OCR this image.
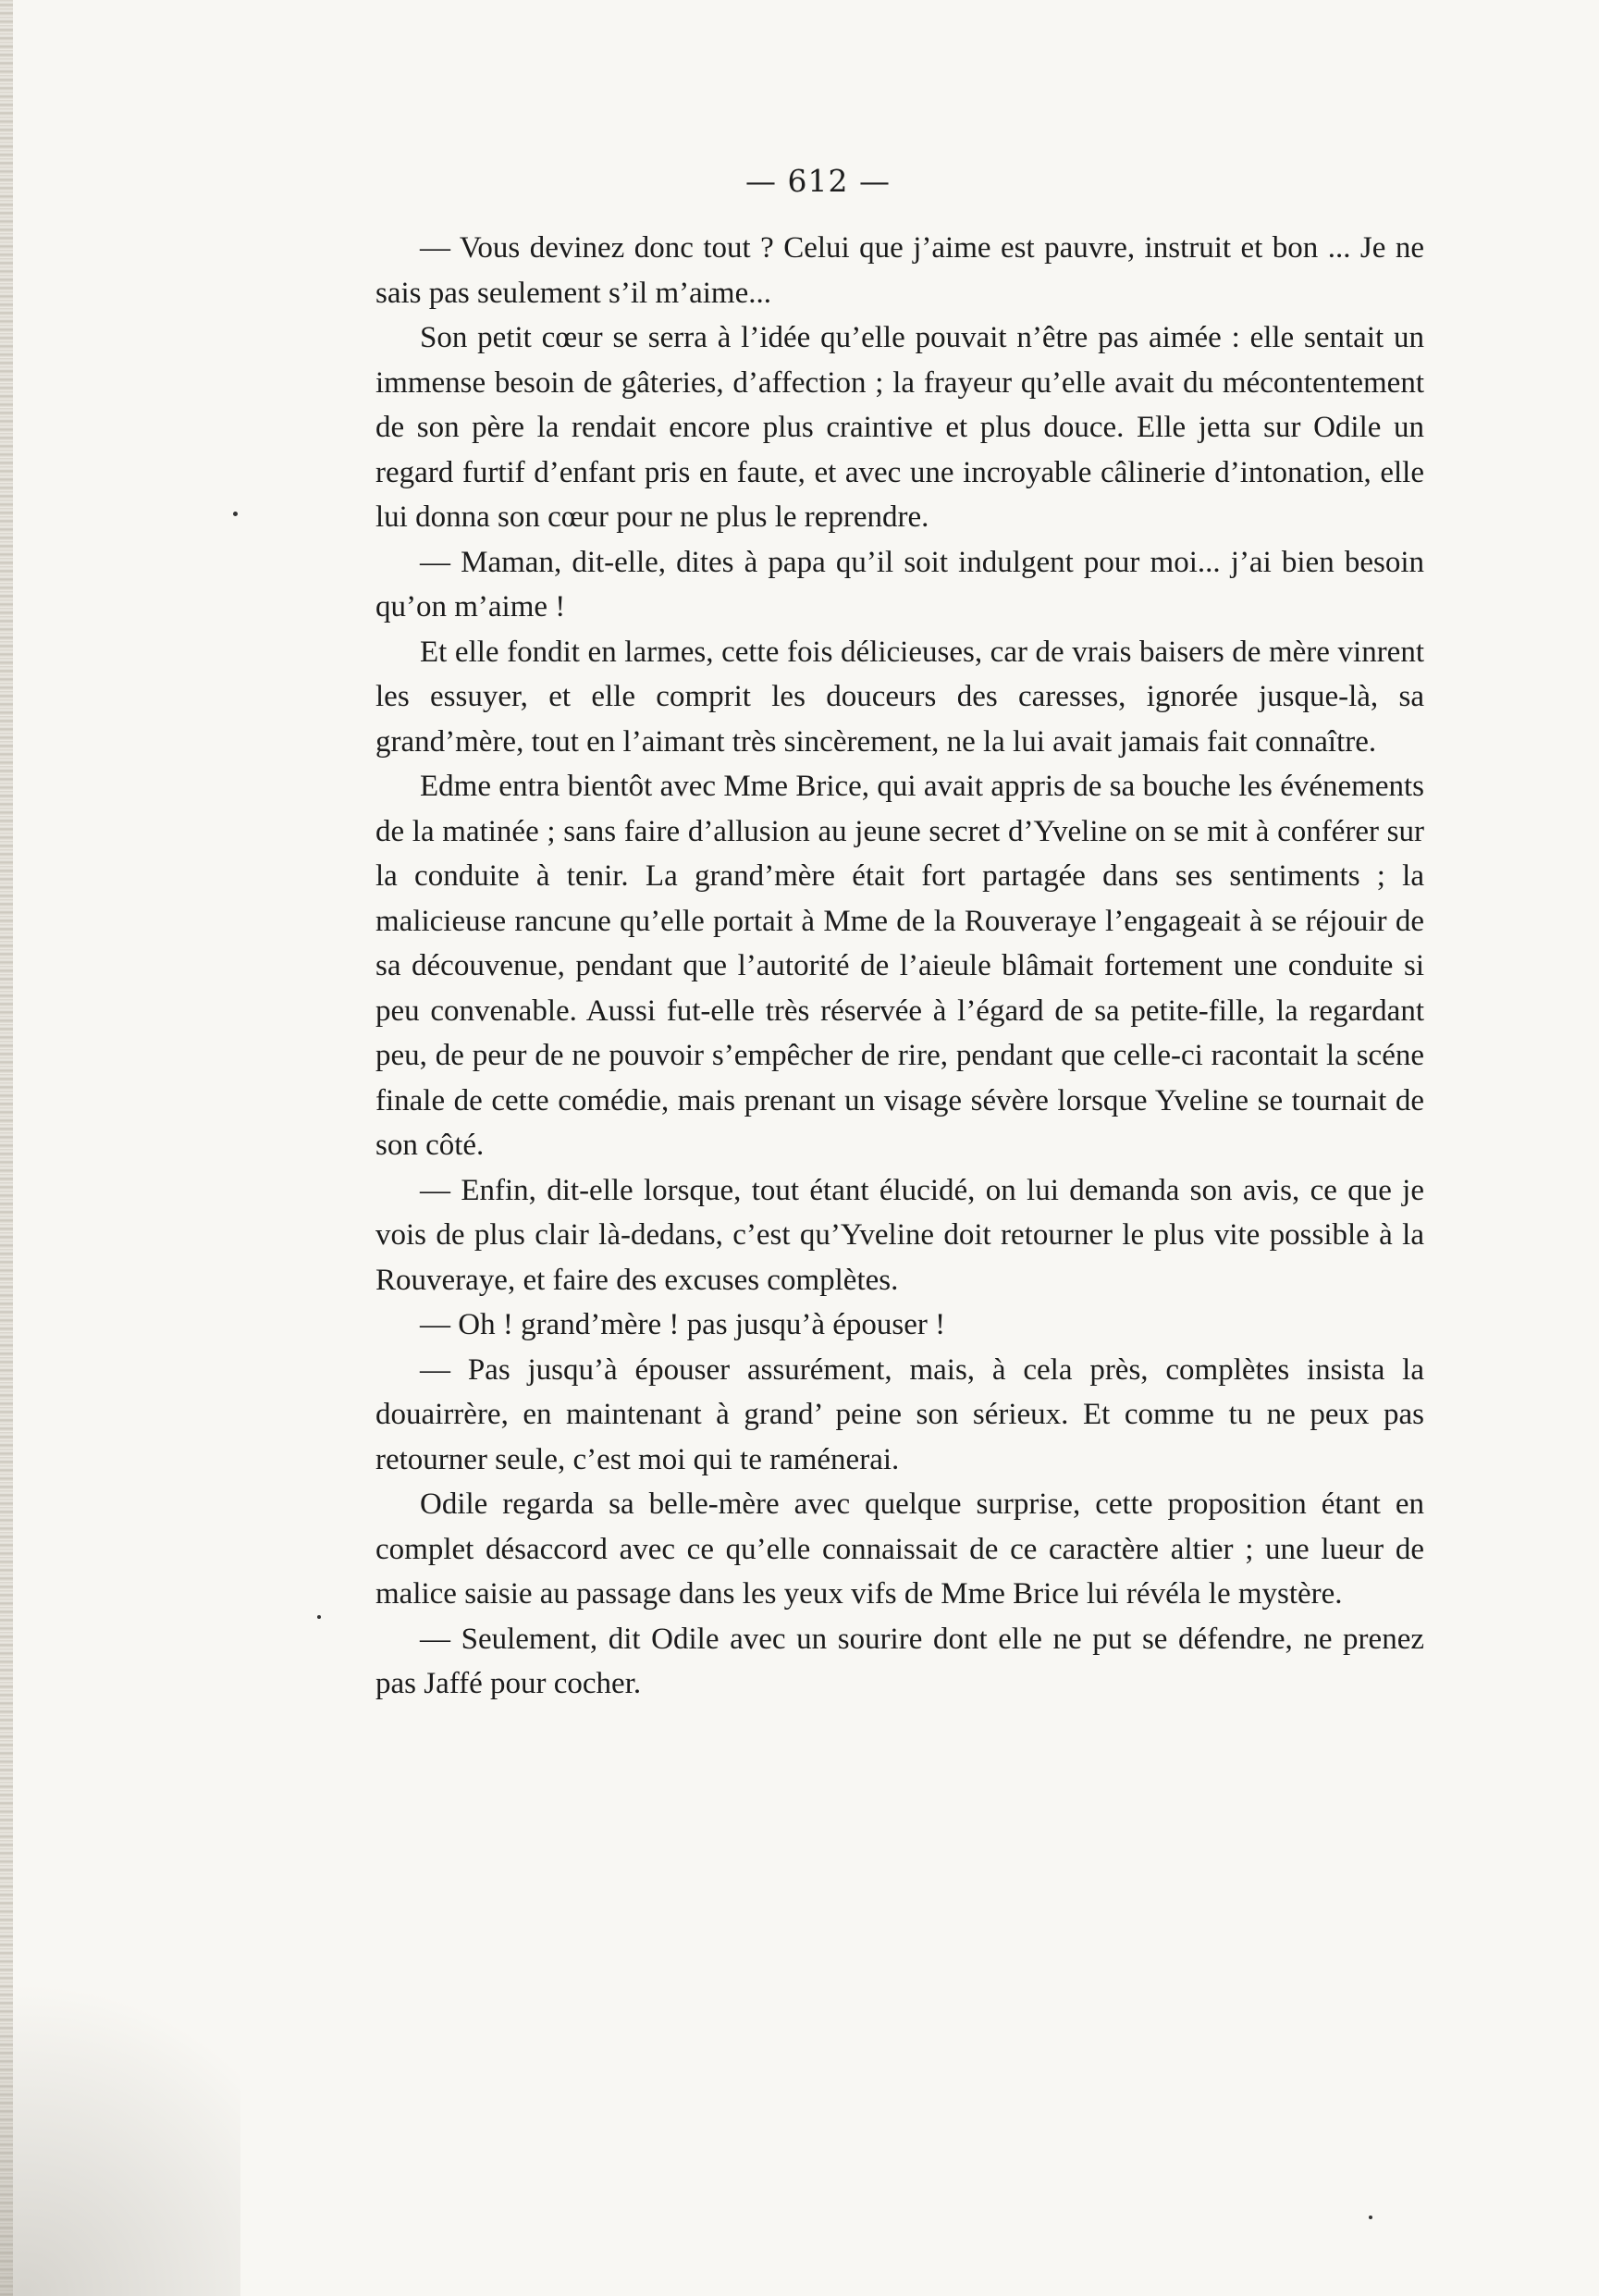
— 612 —

— Vous devinez donc tout ? Celui que j’aime est pauvre, instruit et bon ... Je ne sais pas seulement s’il m’aime...

Son petit cœur se serra à l’idée qu’elle pouvait n’être pas aimée : elle sentait un immense besoin de gâteries, d’affection ; la frayeur qu’elle avait du mécontentement de son père la rendait encore plus craintive et plus douce. Elle jetta sur Odile un regard furtif d’enfant pris en faute, et avec une incroyable câlinerie d’intonation, elle lui donna son cœur pour ne plus le reprendre.

— Maman, dit-elle, dites à papa qu’il soit indulgent pour moi... j’ai bien besoin qu’on m’aime !

Et elle fondit en larmes, cette fois délicieuses, car de vrais baisers de mère vinrent les essuyer, et elle comprit les douceurs des caresses, ignorée jusque-là, sa grand’mère, tout en l’aimant très sincèrement, ne la lui avait jamais fait connaître.

Edme entra bientôt avec Mme Brice, qui avait appris de sa bouche les événements de la matinée ; sans faire d’allusion au jeune secret d’Yveline on se mit à conférer sur la conduite à tenir. La grand’mère était fort partagée dans ses sentiments ; la malicieuse rancune qu’elle portait à Mme de la Rouveraye l’engageait à se réjouir de sa découvenue, pendant que l’autorité de l’aieule blâmait fortement une conduite si peu convenable. Aussi fut-elle très réservée à l’égard de sa petite-fille, la regardant peu, de peur de ne pouvoir s’empêcher de rire, pendant que celle-ci racontait la scéne finale de cette comédie, mais prenant un visage sévère lorsque Yveline se tournait de son côté.

— Enfin, dit-elle lorsque, tout étant élucidé, on lui demanda son avis, ce que je vois de plus clair là-dedans, c’est qu’Yveline doit retourner le plus vite possible à la Rouveraye, et faire des excuses complètes.

— Oh ! grand’mère ! pas jusqu’à épouser !

— Pas jusqu’à épouser assurément, mais, à cela près, complètes insista la douairrère, en maintenant à grand’ peine son sérieux. Et comme tu ne peux pas retourner seule, c’est moi qui te raménerai.

Odile regarda sa belle-mère avec quelque surprise, cette proposition étant en complet désaccord avec ce qu’elle connaissait de ce caractère altier ; une lueur de malice saisie au passage dans les yeux vifs de Mme Brice lui révéla le mystère.

— Seulement, dit Odile avec un sourire dont elle ne put se défendre, ne prenez pas Jaffé pour cocher.
